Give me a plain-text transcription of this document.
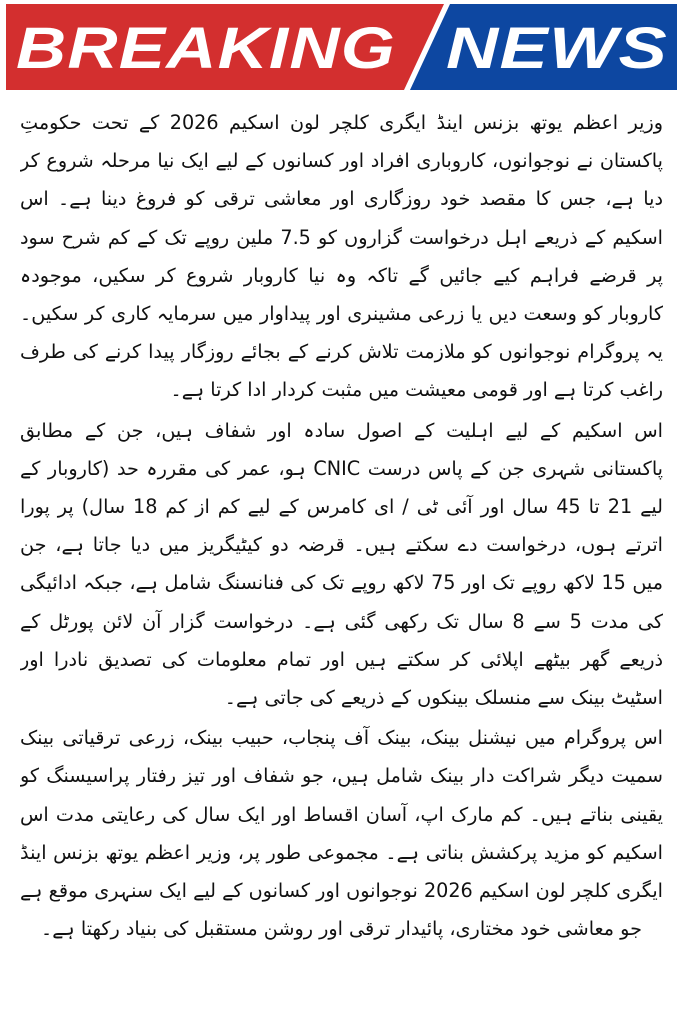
BREAKING NEWS

وزیر اعظم یوتھ بزنس اینڈ ایگری کلچر لون اسکیم 2026 کے تحت حکومتِ پاکستان نے نوجوانوں، کاروباری افراد اور کسانوں کے لیے ایک نیا مرحلہ شروع کر دیا ہے، جس کا مقصد خود روزگاری اور معاشی ترقی کو فروغ دینا ہے۔ اس اسکیم کے ذریعے اہل درخواست گزاروں کو 7.5 ملین روپے تک کے کم شرح سود پر قرضے فراہم کیے جائیں گے تاکہ وہ نیا کاروبار شروع کر سکیں، موجودہ کاروبار کو وسعت دیں یا زرعی مشینری اور پیداوار میں سرمایہ کاری کر سکیں۔ یہ پروگرام نوجوانوں کو ملازمت تلاش کرنے کے بجائے روزگار پیدا کرنے کی طرف راغب کرتا ہے اور قومی معیشت میں مثبت کردار ادا کرتا ہے۔

اس اسکیم کے لیے اہلیت کے اصول سادہ اور شفاف ہیں، جن کے مطابق پاکستانی شہری جن کے پاس درست CNIC ہو، عمر کی مقررہ حد (کاروبار کے لیے 21 تا 45 سال اور آئی ٹی / ای کامرس کے لیے کم از کم 18 سال) پر پورا اترتے ہوں، درخواست دے سکتے ہیں۔ قرضہ دو کیٹیگریز میں دیا جاتا ہے، جن میں 15 لاکھ روپے تک اور 75 لاکھ روپے تک کی فنانسنگ شامل ہے، جبکہ ادائیگی کی مدت 5 سے 8 سال تک رکھی گئی ہے۔ درخواست گزار آن لائن پورٹل کے ذریعے گھر بیٹھے اپلائی کر سکتے ہیں اور تمام معلومات کی تصدیق نادرا اور اسٹیٹ بینک سے منسلک بینکوں کے ذریعے کی جاتی ہے۔

اس پروگرام میں نیشنل بینک، بینک آف پنجاب، حبیب بینک، زرعی ترقیاتی بینک سمیت دیگر شراکت دار بینک شامل ہیں، جو شفاف اور تیز رفتار پراسیسنگ کو یقینی بناتے ہیں۔ کم مارک اپ، آسان اقساط اور ایک سال کی رعایتی مدت اس اسکیم کو مزید پرکشش بناتی ہے۔ مجموعی طور پر، وزیر اعظم یوتھ بزنس اینڈ ایگری کلچر لون اسکیم 2026 نوجوانوں اور کسانوں کے لیے ایک سنہری موقع ہے جو معاشی خود مختاری، پائیدار ترقی اور روشن مستقبل کی بنیاد رکھتا ہے۔
